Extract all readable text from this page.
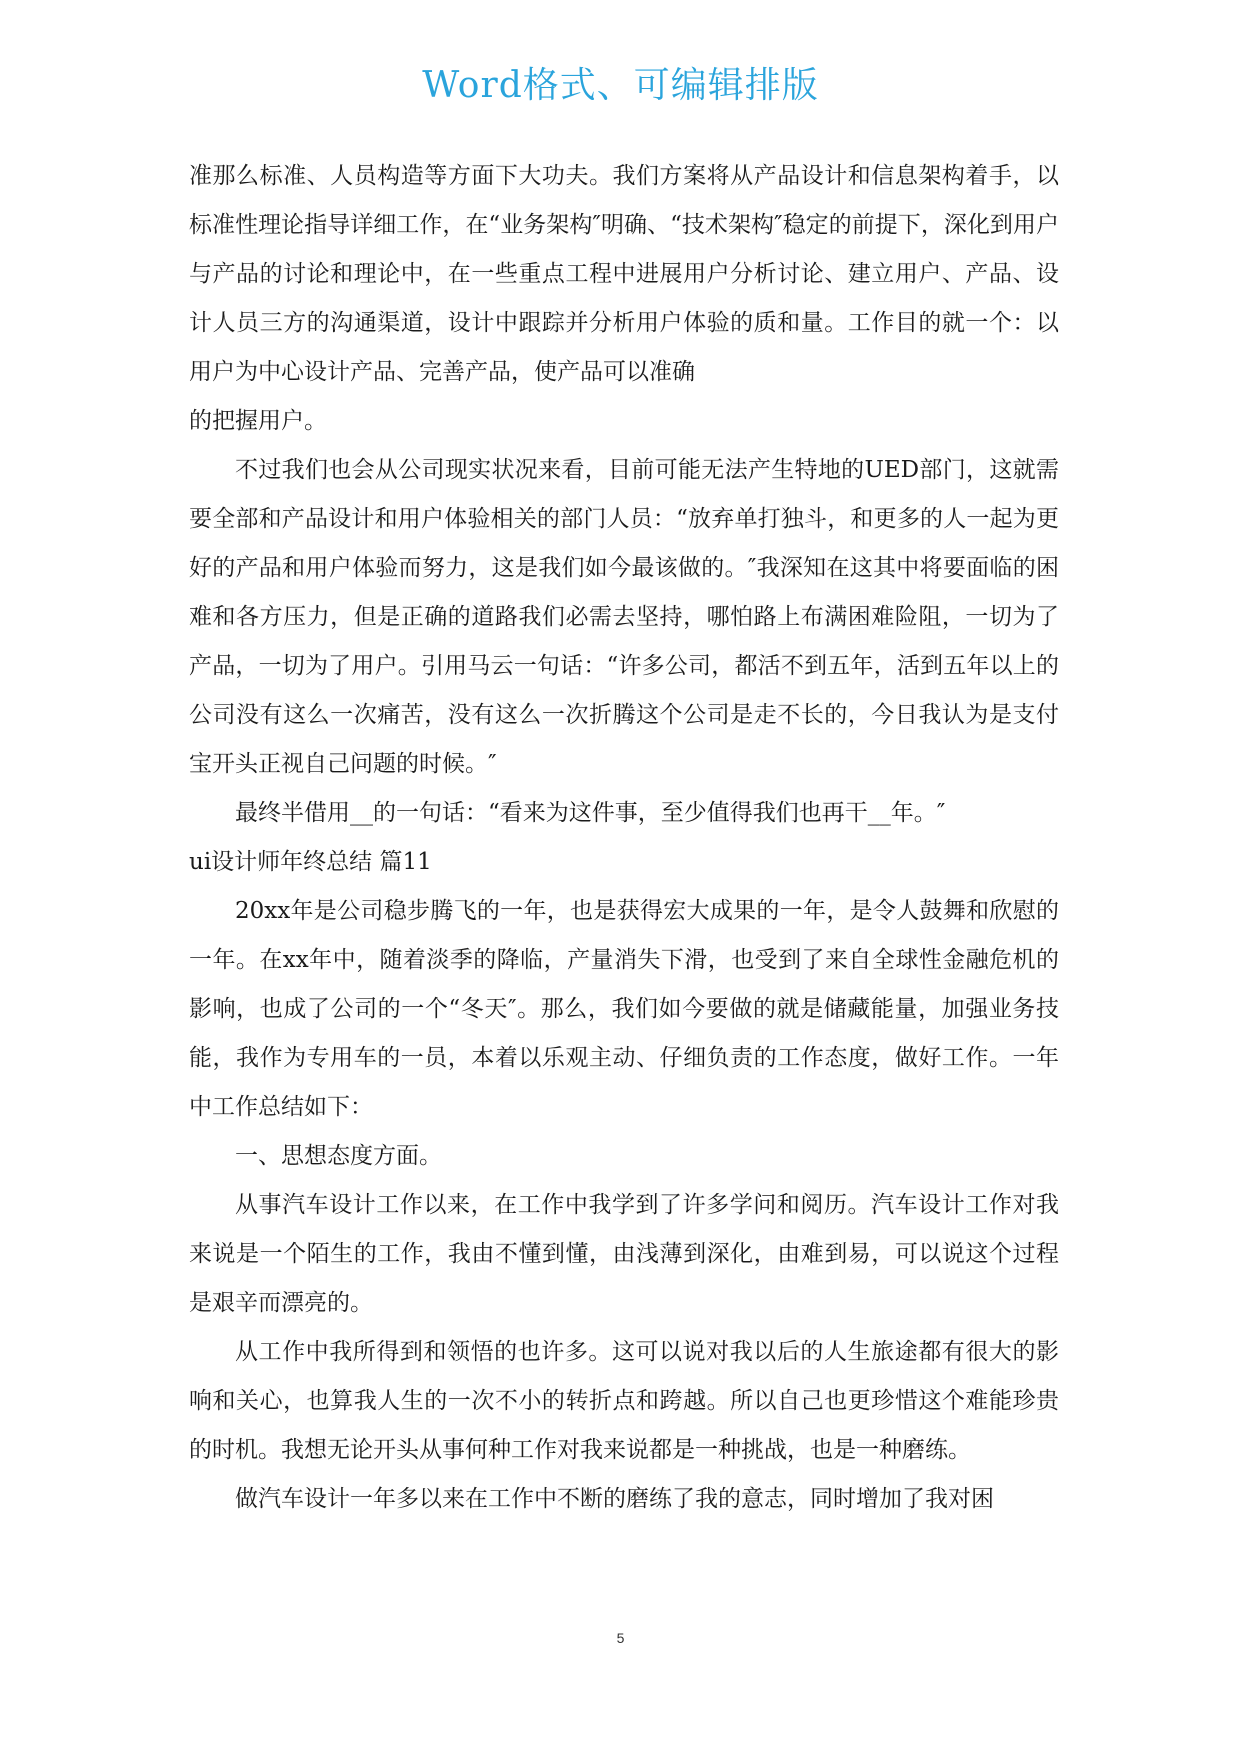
Word格式、可编辑排版

准那么标准、人员构造等方面下大功夫。我们方案将从产品设计和信息架构着手，以标准性理论指导详细工作，在“业务架构″明确、“技术架构″稳定的前提下，深化到用户与产品的讨论和理论中，在一些重点工程中进展用户分析讨论、建立用户、产品、设计人员三方的沟通渠道，设计中跟踪并分析用户体验的质和量。工作目的就一个：以用户为中心设计产品、完善产品，使产品可以准确

的把握用户。

不过我们也会从公司现实状况来看，目前可能无法产生特地的UED部门，这就需要全部和产品设计和用户体验相关的部门人员：“放弃单打独斗，和更多的人一起为更好的产品和用户体验而努力，这是我们如今最该做的。″我深知在这其中将要面临的困难和各方压力，但是正确的道路我们必需去坚持，哪怕路上布满困难险阻，一切为了产品，一切为了用户。引用马云一句话：“许多公司，都活不到五年，活到五年以上的公司没有这么一次痛苦，没有这么一次折腾这个公司是走不长的，今日我认为是支付宝开头正视自己问题的时候。″

最终半借用__的一句话：“看来为这件事，至少值得我们也再干__年。″

ui设计师年终总结 篇11

20xx年是公司稳步腾飞的一年，也是获得宏大成果的一年，是令人鼓舞和欣慰的一年。在xx年中，随着淡季的降临，产量消失下滑，也受到了来自全球性金融危机的影响，也成了公司的一个“冬天″。那么，我们如今要做的就是储藏能量，加强业务技能，我作为专用车的一员，本着以乐观主动、仔细负责的工作态度，做好工作。一年中工作总结如下：

一、思想态度方面。

从事汽车设计工作以来，在工作中我学到了许多学问和阅历。汽车设计工作对我来说是一个陌生的工作，我由不懂到懂，由浅薄到深化，由难到易，可以说这个过程是艰辛而漂亮的。

从工作中我所得到和领悟的也许多。这可以说对我以后的人生旅途都有很大的影响和关心，也算我人生的一次不小的转折点和跨越。所以自己也更珍惜这个难能珍贵的时机。我想无论开头从事何种工作对我来说都是一种挑战，也是一种磨练。

做汽车设计一年多以来在工作中不断的磨练了我的意志，同时增加了我对困

5
